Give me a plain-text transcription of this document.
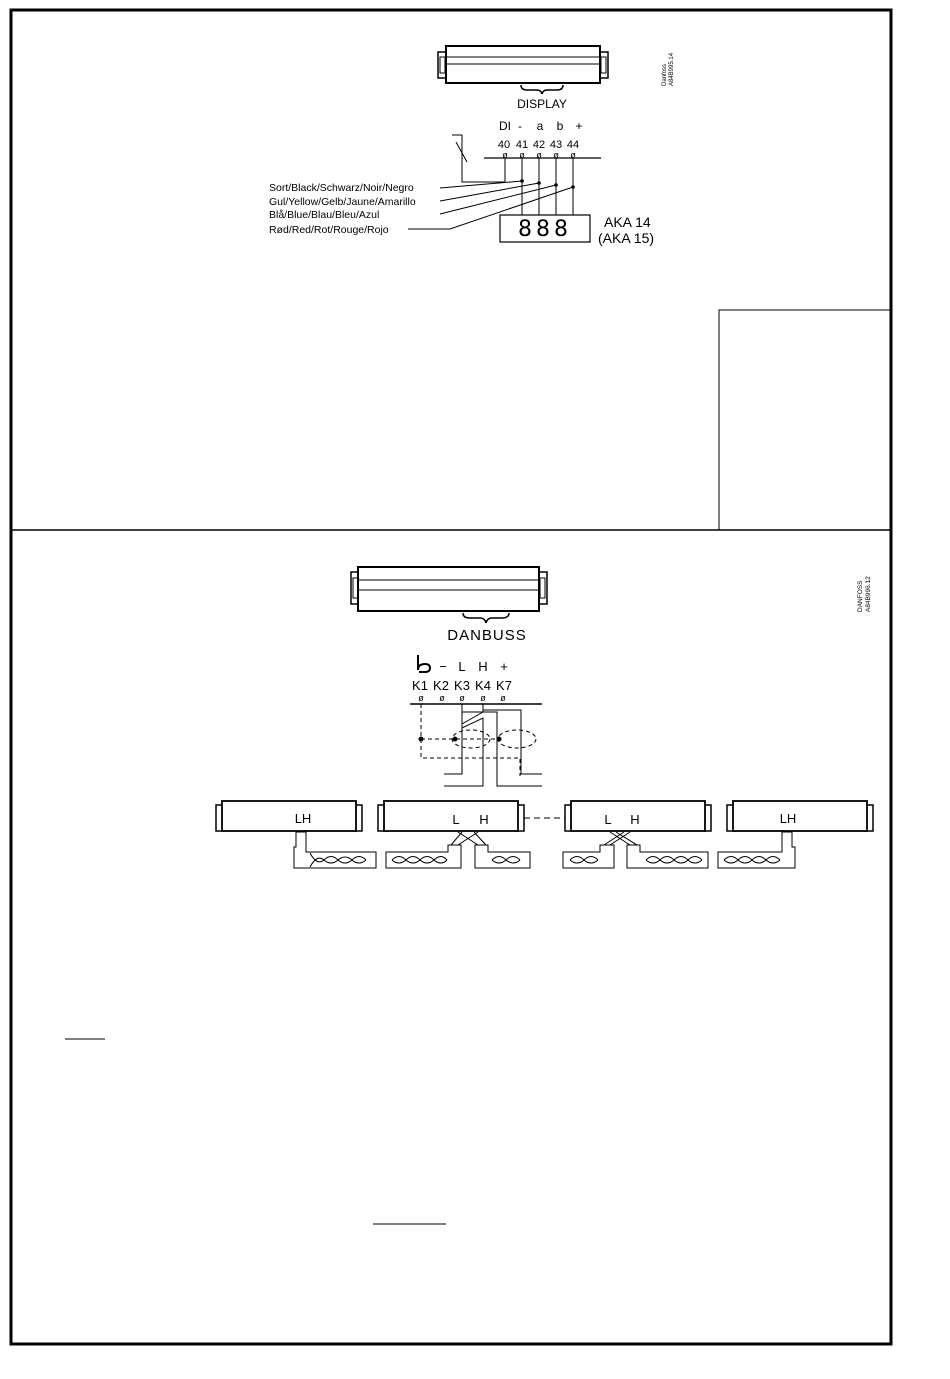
DISPLAY
Danfoss A84B995.14
DI - a b +
40 41 42 43 44
ø ø ø ø ø
Sort/Black/Schwarz/Noir/Negro
Gul/Yellow/Gelb/Jaune/Amarillo
Blå/Blue/Blau/Bleu/Azul
Rød/Red/Rot/Rouge/Rojo	888 AKA 14
(AKA 15)
DANBUSS
DANFOSS A84B996.12
− L H +
K1 K2 K3 K4 K7
ø ø ø ø ø
LH	L H	L H	LH
